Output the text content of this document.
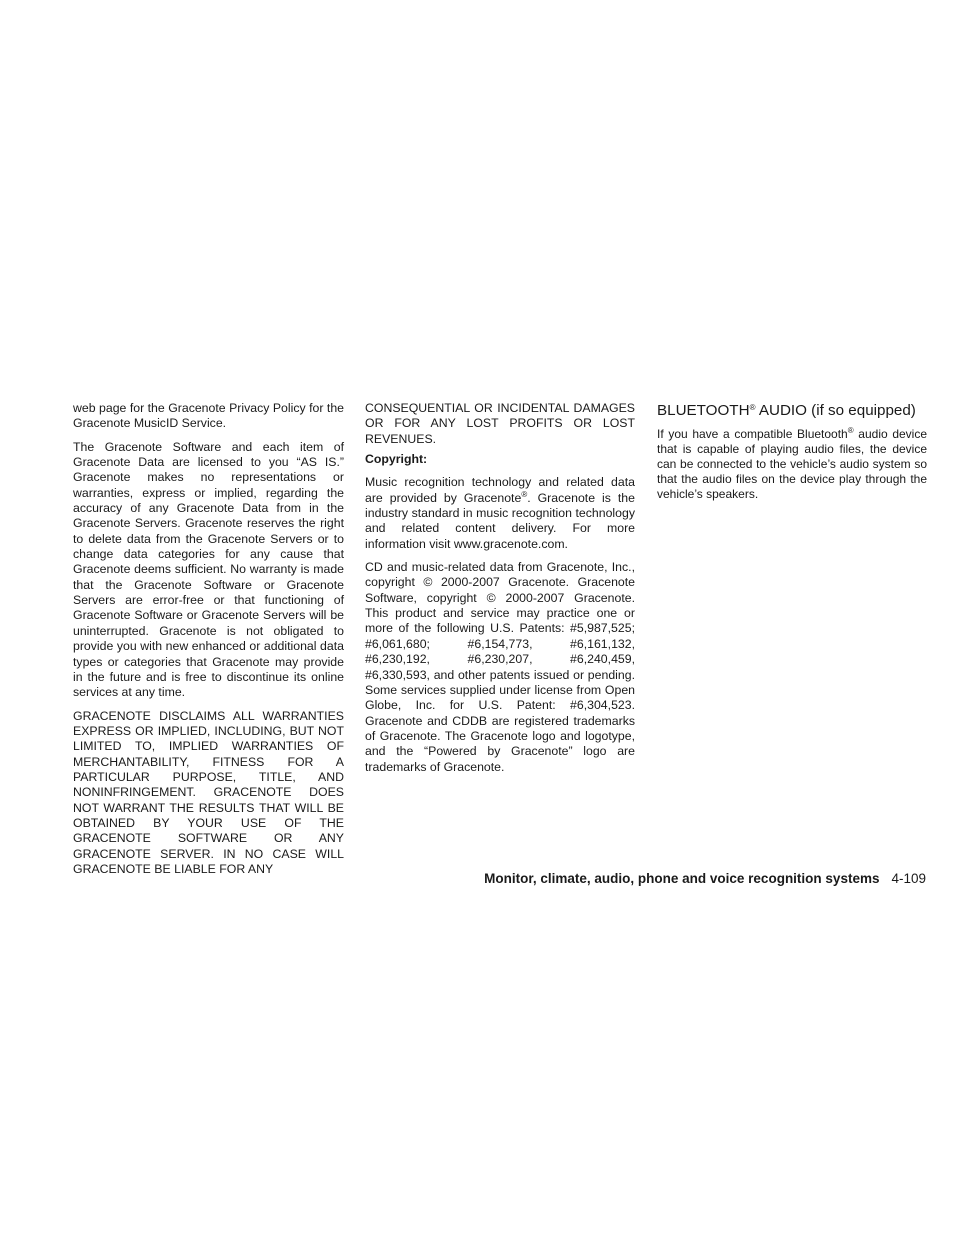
web page for the Gracenote Privacy Policy for the Gracenote MusicID Service.

The Gracenote Software and each item of Gracenote Data are licensed to you “AS IS.” Gracenote makes no representations or warranties, express or implied, regarding the accuracy of any Gracenote Data from in the Gracenote Servers. Gracenote reserves the right to delete data from the Gracenote Servers or to change data categories for any cause that Gracenote deems sufficient. No warranty is made that the Gracenote Software or Gracenote Servers are error-free or that functioning of Gracenote Software or Gracenote Servers will be uninterrupted. Gracenote is not obligated to provide you with new enhanced or additional data types or categories that Gracenote may provide in the future and is free to discontinue its online services at any time.

GRACENOTE DISCLAIMS ALL WARRANTIES EXPRESS OR IMPLIED, INCLUDING, BUT NOT LIMITED TO, IMPLIED WARRANTIES OF MERCHANTABILITY, FITNESS FOR A PARTICULAR PURPOSE, TITLE, AND NONINFRINGEMENT. GRACENOTE DOES NOT WARRANT THE RESULTS THAT WILL BE OBTAINED BY YOUR USE OF THE GRACENOTE SOFTWARE OR ANY GRACENOTE SERVER. IN NO CASE WILL GRACENOTE BE LIABLE FOR ANY

CONSEQUENTIAL OR INCIDENTAL DAMAGES OR FOR ANY LOST PROFITS OR LOST REVENUES.

Copyright:

Music recognition technology and related data are provided by Gracenote®. Gracenote is the industry standard in music recognition technology and related content delivery. For more information visit www.gracenote.com.

CD and music-related data from Gracenote, Inc., copyright © 2000-2007 Gracenote. Gracenote Software, copyright © 2000-2007 Gracenote. This product and service may practice one or more of the following U.S. Patents: #5,987,525; #6,061,680; #6,154,773, #6,161,132, #6,230,192, #6,230,207, #6,240,459, #6,330,593, and other patents issued or pending. Some services supplied under license from Open Globe, Inc. for U.S. Patent: #6,304,523. Gracenote and CDDB are registered trademarks of Gracenote. The Gracenote logo and logotype, and the “Powered by Gracenote” logo are trademarks of Gracenote.

BLUETOOTH® AUDIO (if so equipped)

If you have a compatible Bluetooth® audio device that is capable of playing audio files, the device can be connected to the vehicle’s audio system so that the audio files on the device play through the vehicle’s speakers.

Monitor, climate, audio, phone and voice recognition systems 4-109
